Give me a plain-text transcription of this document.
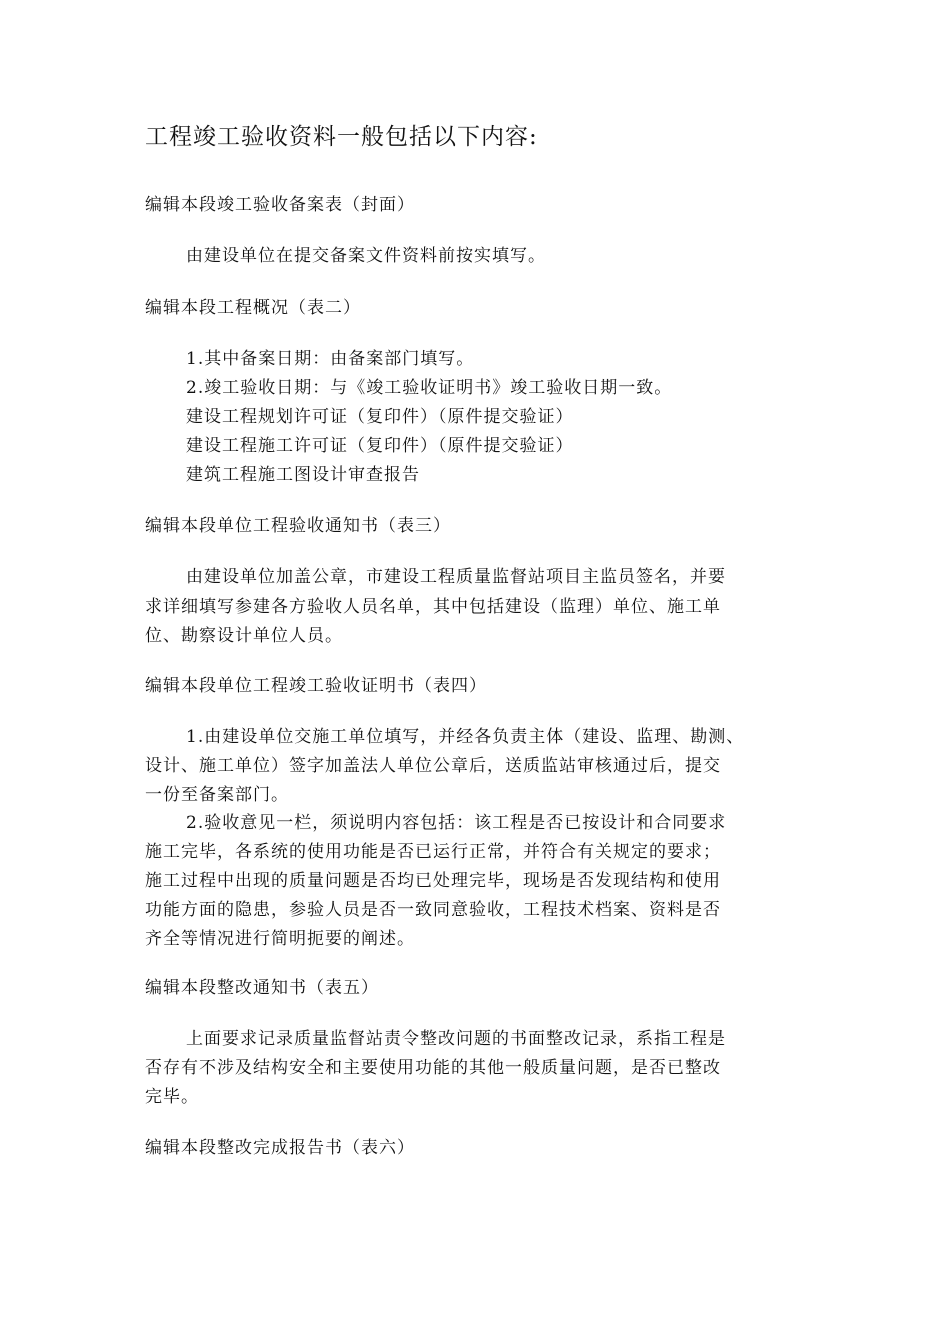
工程竣工验收资料一般包括以下内容:
编辑本段竣工验收备案表（封面）
由建设单位在提交备案文件资料前按实填写。
编辑本段工程概况（表二）
1.其中备案日期：由备案部门填写。
2.竣工验收日期：与《竣工验收证明书》竣工验收日期一致。
建设工程规划许可证（复印件）（原件提交验证）
建设工程施工许可证（复印件）（原件提交验证）
建筑工程施工图设计审查报告
编辑本段单位工程验收通知书（表三）
由建设单位加盖公章，市建设工程质量监督站项目主监员签名，并要
求详细填写参建各方验收人员名单，其中包括建设（监理）单位、施工单
位、勘察设计单位人员。
编辑本段单位工程竣工验收证明书（表四）
1.由建设单位交施工单位填写，并经各负责主体（建设、监理、勘测、
设计、施工单位）签字加盖法人单位公章后，送质监站审核通过后，提交
一份至备案部门。
2.验收意见一栏，须说明内容包括：该工程是否已按设计和合同要求
施工完毕，各系统的使用功能是否已运行正常，并符合有关规定的要求；
施工过程中出现的质量问题是否均已处理完毕，现场是否发现结构和使用
功能方面的隐患，参验人员是否一致同意验收，工程技术档案、资料是否
齐全等情况进行简明扼要的阐述。
编辑本段整改通知书（表五）
上面要求记录质量监督站责令整改问题的书面整改记录，系指工程是
否存有不涉及结构安全和主要使用功能的其他一般质量问题，是否已整改
完毕。
编辑本段整改完成报告书（表六）
